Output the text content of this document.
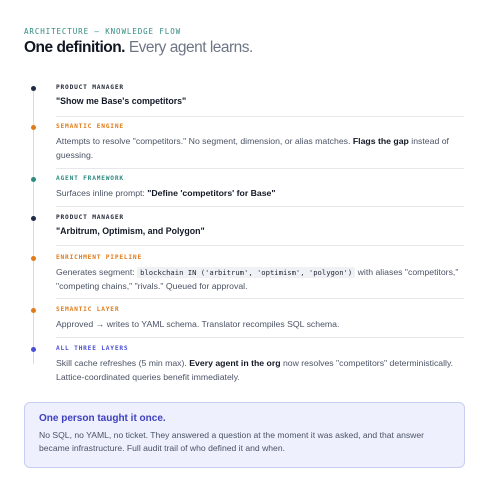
ARCHITECTURE — KNOWLEDGE FLOW
One definition. Every agent learns.
PRODUCT MANAGER
"Show me Base's competitors"
SEMANTIC ENGINE
Attempts to resolve "competitors." No segment, dimension, or alias matches. Flags the gap instead of guessing.
AGENT FRAMEWORK
Surfaces inline prompt: "Define 'competitors' for Base"
PRODUCT MANAGER
"Arbitrum, Optimism, and Polygon"
ENRICHMENT PIPELINE
Generates segment: blockchain IN ('arbitrum', 'optimism', 'polygon') with aliases "competitors," "competing chains," "rivals." Queued for approval.
SEMANTIC LAYER
Approved → writes to YAML schema. Translator recompiles SQL schema.
ALL THREE LAYERS
Skill cache refreshes (5 min max). Every agent in the org now resolves "competitors" deterministically. Lattice-coordinated queries benefit immediately.
One person taught it once.
No SQL, no YAML, no ticket. They answered a question at the moment it was asked, and that answer became infrastructure. Full audit trail of who defined it and when.
